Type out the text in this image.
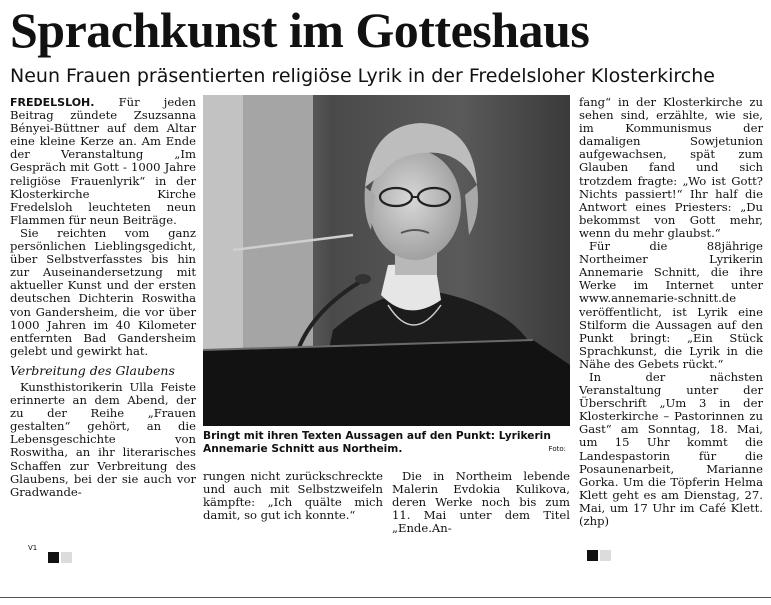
Sprachkunst im Gotteshaus
Neun Frauen präsentierten religiöse Lyrik in der Fredelsloher Klosterkirche

FREDELSLOH. Für jeden Beitrag zündete Zsuzsanna Bényei-Büttner auf dem Altar eine kleine Kerze an. Am Ende der Veranstaltung „Im Gespräch mit Gott - 1000 Jahre religiöse Frauenlyrik“ in der Klosterkirche Kirche Fredelsloh leuchteten neun Flammen für neun Beiträge.

Sie reichten vom ganz persönlichen Lieblingsgedicht, über Selbstverfasstes bis hin zur Auseinandersetzung mit aktueller Kunst und der ersten deutschen Dichterin Roswitha von Gandersheim, die vor über 1000 Jahren im 40 Kilometer entfernten Bad Gandersheim gelebt und gewirkt hat.

Verbreitung des Glaubens

Kunsthistorikerin Ulla Feiste erinnerte an dem Abend, der zu der Reihe „Frauen gestalten“ gehört, an die Lebensgeschichte von Roswitha, an ihr literarisches Schaffen zur Verbreitung des Glaubens, bei der sie auch vor Gradwande-

Bringt mit ihren Texten Aussagen auf den Punkt: Lyrikerin Annemarie Schnitt aus Northeim.	Foto:

rungen nicht zurückschreckte und auch mit Selbstzweifeln kämpfte: „Ich quälte mich damit, so gut ich konnte.“

Die in Northeim lebende Malerin Evdokia Kulikova, deren Werke noch bis zum 11. Mai unter dem Titel „Ende.An-

fang“ in der Klosterkirche zu sehen sind, erzählte, wie sie, im Kommunismus der damaligen Sowjetunion aufgewachsen, spät zum Glauben fand und sich trotzdem fragte: „Wo ist Gott? Nichts passiert!“ Ihr half die Antwort eines Priesters: „Du bekommst von Gott mehr, wenn du mehr glaubst.“

Für die 88jährige Northeimer Lyrikerin Annemarie Schnitt, die ihre Werke im Internet unter www.annemarie-schnitt.de veröffentlicht, ist Lyrik eine Stilform die Aussagen auf den Punkt bringt: „Ein Stück Sprachkunst, die Lyrik in die Nähe des Gebets rückt.“

In der nächsten Veranstaltung unter der Überschrift „Um 3 in der Klosterkirche – Pastorinnen zu Gast“ am Sonntag, 18. Mai, um 15 Uhr kommt die Landespastorin für die Posaunenarbeit, Marianne Gorka. Um die Töpferin Helma Klett geht es am Dienstag, 27. Mai, um 17 Uhr im Café Klett. (zhp)

V1
